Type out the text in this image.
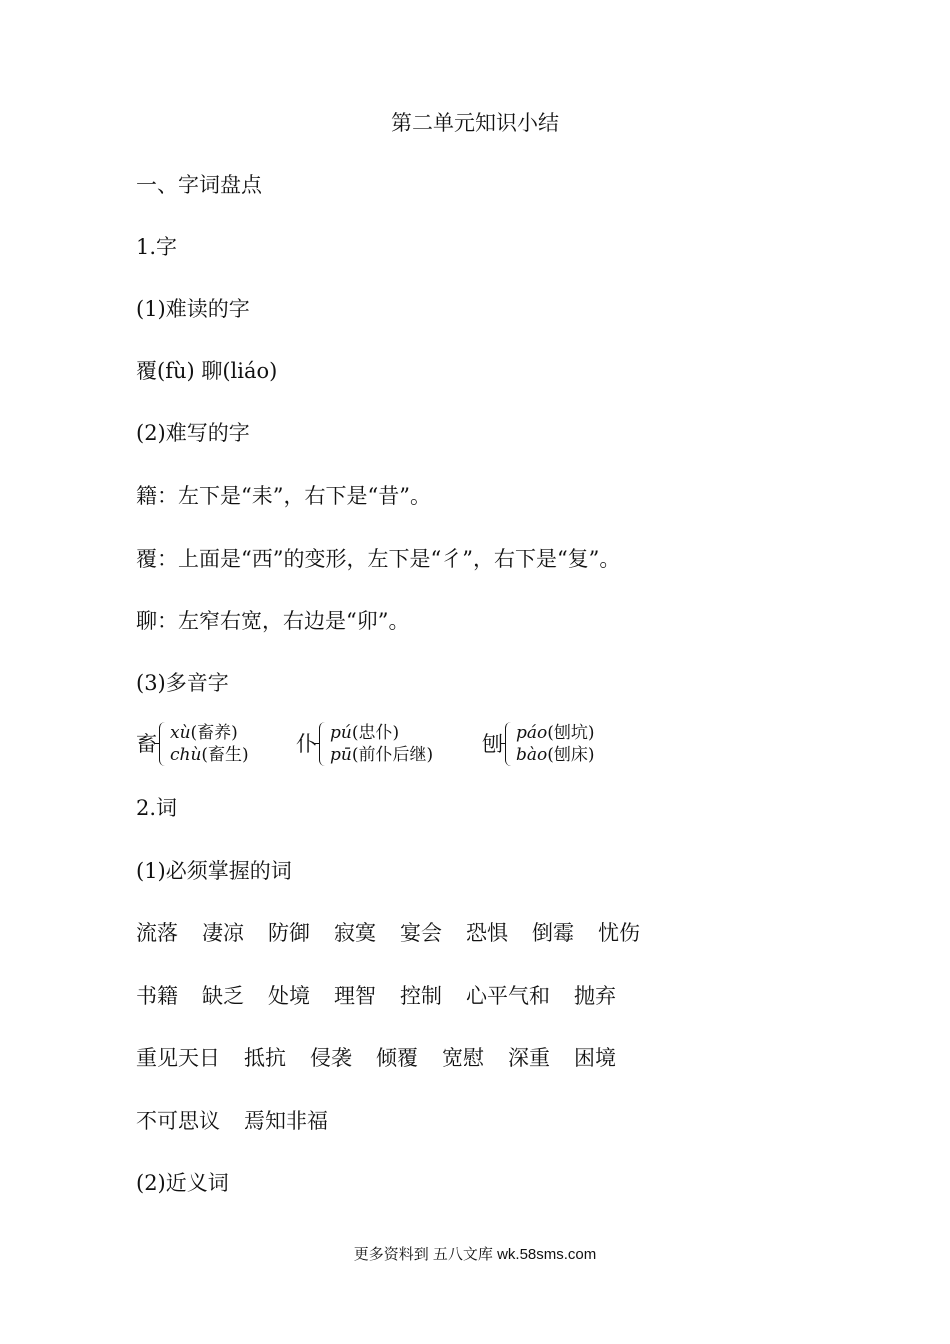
第二单元知识小结
一、字词盘点
1.字
(1)难读的字
覆(fù) 聊(liáo)
(2)难写的字
籍：左下是“耒”，右下是“昔”。
覆：上面是“西”的变形，左下是“彳”，右下是“复”。
聊：左窄右宽，右边是“卯”。
(3)多音字
畜 xù(畜养)
chù(畜生) 仆 pú(忠仆)
pū(前仆后继) 刨 páo(刨坑)
bào(刨床)
2.词
(1)必须掌握的词
流落 凄凉 防御 寂寞 宴会 恐惧 倒霉 忧伤
书籍 缺乏 处境 理智 控制 心平气和 抛弃
重见天日 抵抗 侵袭 倾覆 宽慰 深重 困境
不可思议 焉知非福
(2)近义词
更多资料到 五八文库 wk.58sms.com
